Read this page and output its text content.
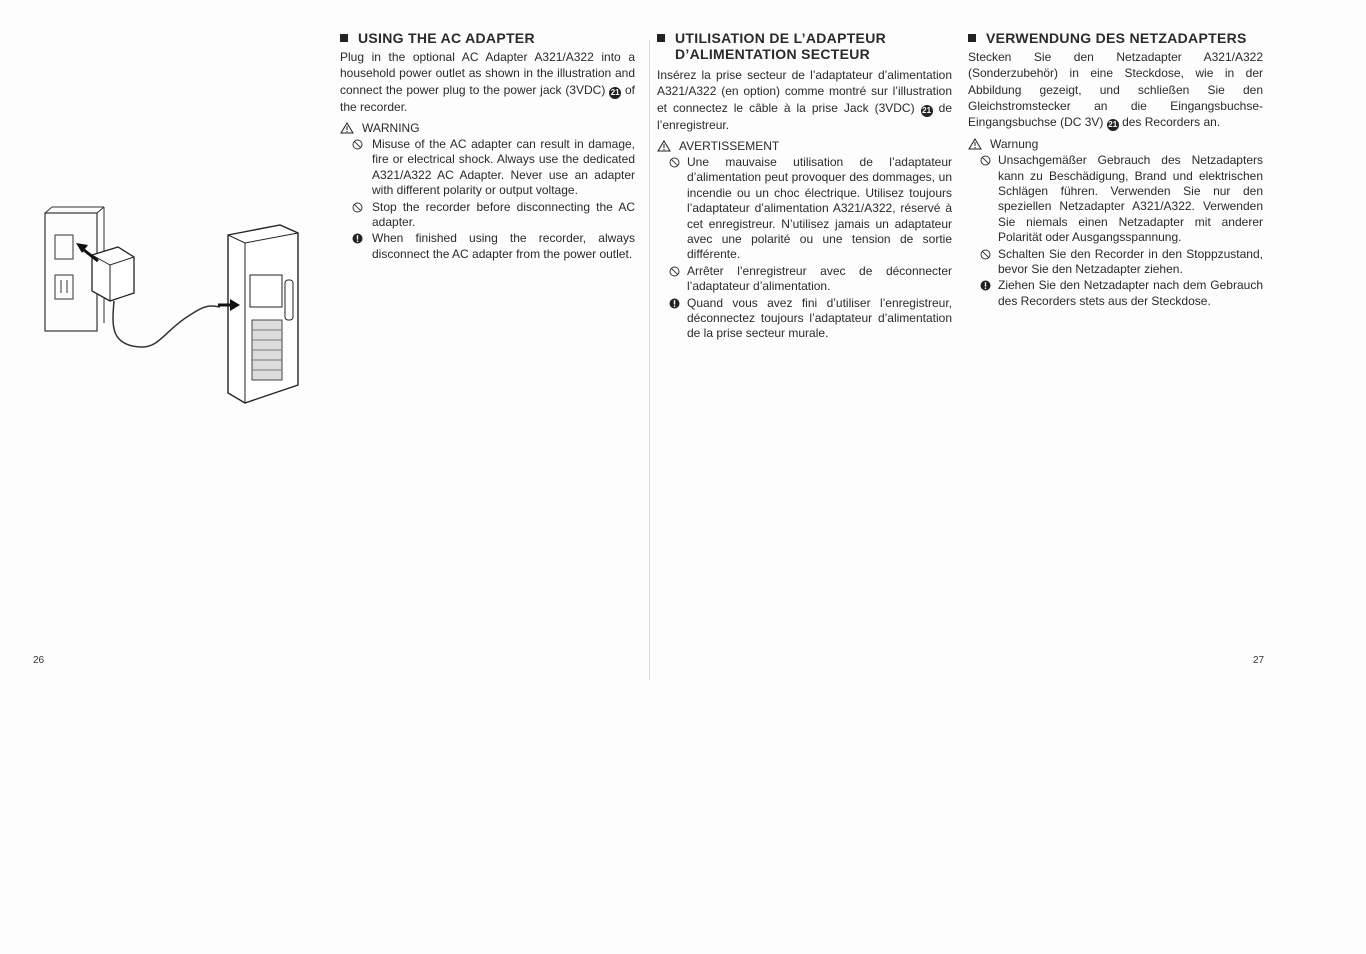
USING THE AC ADAPTER

Plug in the optional AC Adapter A321/A322 into a household power outlet as shown in the illustration and connect the power plug to the power jack (3VDC) 21 of the recorder.

WARNING
Misuse of the AC adapter can result in damage, fire or electrical shock. Always use the dedicated A321/A322 AC Adapter. Never use an adapter with different polarity or output voltage.
Stop the recorder before disconnecting the AC adapter.
When finished using the recorder, always disconnect the AC adapter from the power outlet.
26
UTILISATION DE L’ADAPTEUR
D’ALIMENTATION SECTEUR

Insérez la prise secteur de l’adaptateur d’alimentation A321/A322 (en option) comme montré sur l’illustration et connectez le câble à la prise Jack (3VDC) 21 de l’enregistreur.

AVERTISSEMENT
Une mauvaise utilisation de l’adaptateur d’alimentation peut provoquer des dommages, un incendie ou un choc électrique. Utilisez toujours l’adaptateur d’alimentation A321/A322, réservé à cet enregistreur. N’utilisez jamais un adaptateur avec une polarité ou une tension de sortie différente.
Arrêter l’enregistreur avec de déconnecter l’adaptateur d’alimentation.
Quand vous avez fini d’utiliser l’enregistreur, déconnectez toujours l’adaptateur d’alimentation de la prise secteur murale.
VERWENDUNG DES NETZADAPTERS

Stecken Sie den Netzadapter A321/A322 (Sonderzubehör) in eine Steckdose, wie in der Abbildung gezeigt, und schließen Sie den Gleichstromstecker an die Eingangsbuchse-Eingangsbuchse (DC 3V) 21 des Recorders an.

Warnung
Unsachgemäßer Gebrauch des Netzadapters kann zu Beschädigung, Brand und elektrischen Schlägen führen. Verwenden Sie nur den speziellen Netzadapter A321/A322. Verwenden Sie niemals einen Netzadapter mit anderer Polarität oder Ausgangsspannung.
Schalten Sie den Recorder in den Stoppzustand, bevor Sie den Netzadapter ziehen.
Ziehen Sie den Netzadapter nach dem Gebrauch des Recorders stets aus der Steckdose.
27
